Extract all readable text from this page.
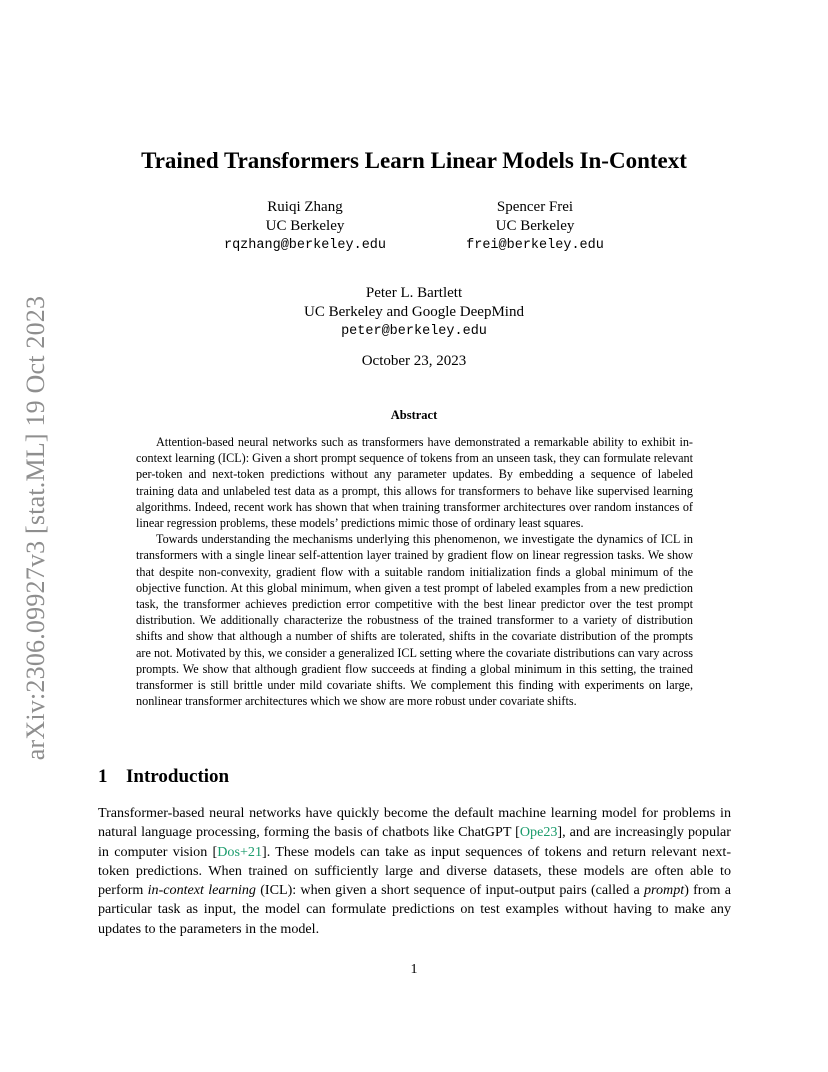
arXiv:2306.09927v3 [stat.ML] 19 Oct 2023
Trained Transformers Learn Linear Models In-Context
Ruiqi Zhang
UC Berkeley
rqzhang@berkeley.edu
Spencer Frei
UC Berkeley
frei@berkeley.edu
Peter L. Bartlett
UC Berkeley and Google DeepMind
peter@berkeley.edu
October 23, 2023
Abstract

Attention-based neural networks such as transformers have demonstrated a remarkable ability to exhibit in-context learning (ICL): Given a short prompt sequence of tokens from an unseen task, they can formulate relevant per-token and next-token predictions without any parameter updates. By embedding a sequence of labeled training data and unlabeled test data as a prompt, this allows for transformers to behave like supervised learning algorithms. Indeed, recent work has shown that when training transformer architectures over random instances of linear regression problems, these models’ predictions mimic those of ordinary least squares.

Towards understanding the mechanisms underlying this phenomenon, we investigate the dynamics of ICL in transformers with a single linear self-attention layer trained by gradient flow on linear regression tasks. We show that despite non-convexity, gradient flow with a suitable random initialization finds a global minimum of the objective function. At this global minimum, when given a test prompt of labeled examples from a new prediction task, the transformer achieves prediction error competitive with the best linear predictor over the test prompt distribution. We additionally characterize the robustness of the trained transformer to a variety of distribution shifts and show that although a number of shifts are tolerated, shifts in the covariate distribution of the prompts are not. Motivated by this, we consider a generalized ICL setting where the covariate distributions can vary across prompts. We show that although gradient flow succeeds at finding a global minimum in this setting, the trained transformer is still brittle under mild covariate shifts. We complement this finding with experiments on large, nonlinear transformer architectures which we show are more robust under covariate shifts.

1 Introduction

Transformer-based neural networks have quickly become the default machine learning model for problems in natural language processing, forming the basis of chatbots like ChatGPT [Ope23], and are increasingly popular in computer vision [Dos+21]. These models can take as input sequences of tokens and return relevant next-token predictions. When trained on sufficiently large and diverse datasets, these models are often able to perform in-context learning (ICL): when given a short sequence of input-output pairs (called a prompt) from a particular task as input, the model can formulate predictions on test examples without having to make any updates to the parameters in the model.

1
